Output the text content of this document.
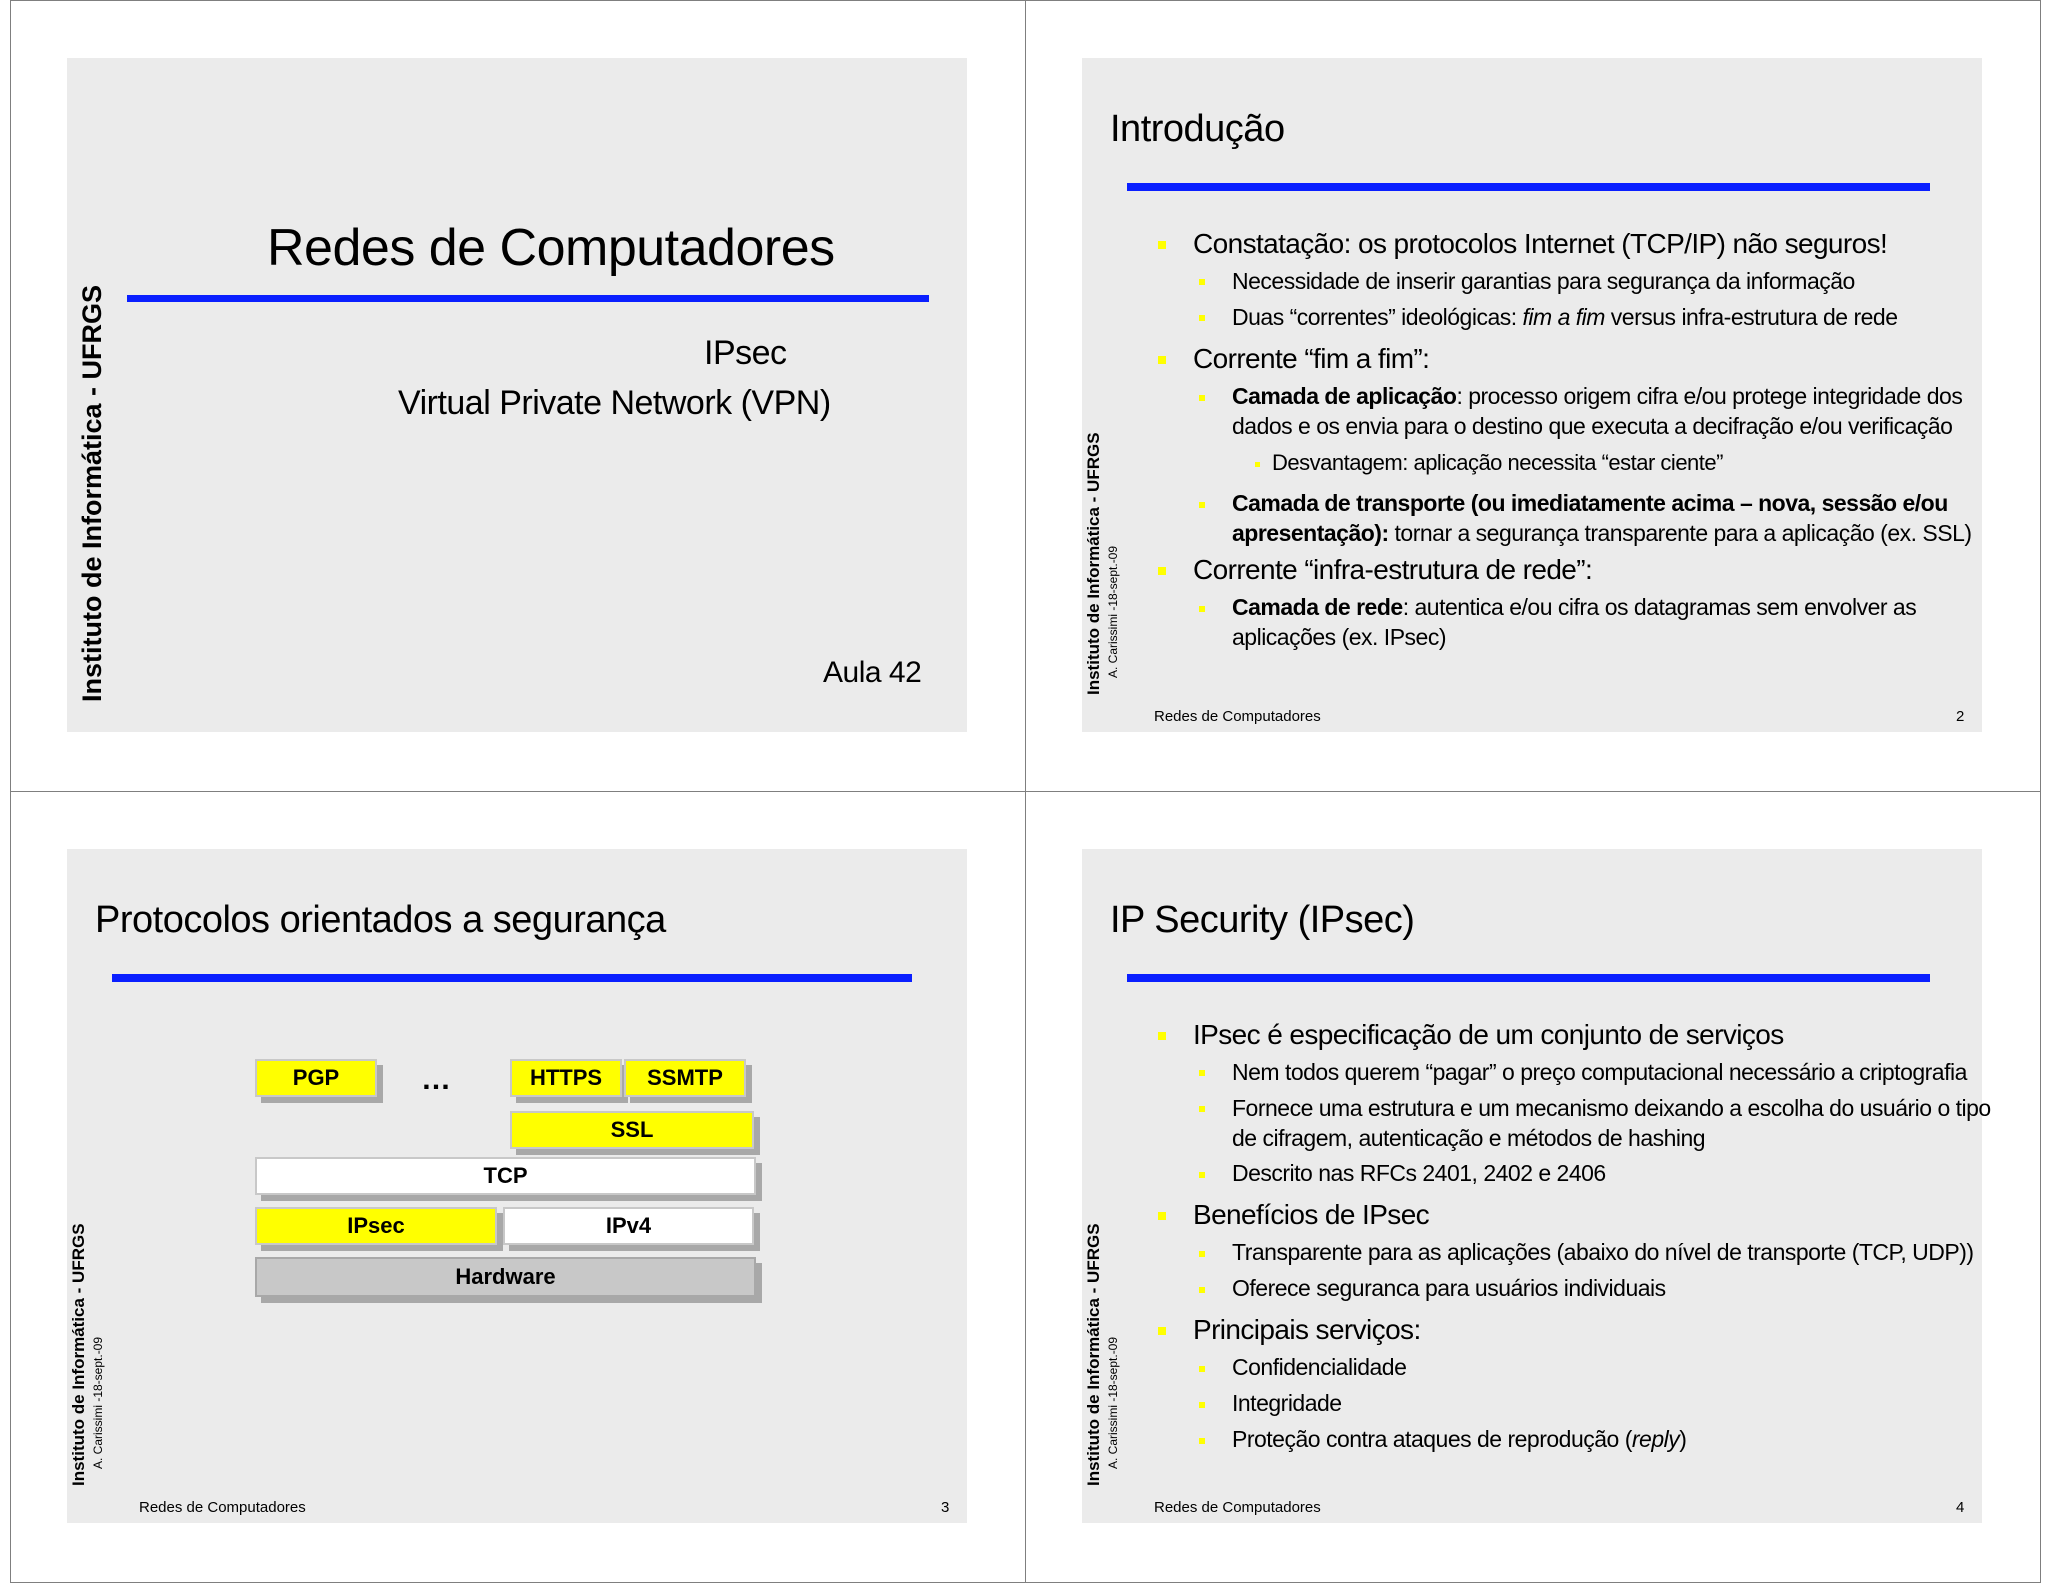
Instituto de Informática - UFRGS
Redes de Computadores
IPsec
Virtual Private Network (VPN)
Aula 42	Instituto de Informática - UFRGS A. Carissimi -18-sept.-09
Introdução
Constatação: os protocolos Internet (TCP/IP) não seguros!
Necessidade de inserir garantias para segurança da informação
Duas “correntes” ideológicas: fim a fim versus infra-estrutura de rede
Corrente “fim a fim”:
Camada de aplicação: processo origem cifra e/ou protege integridade dos
dados e os envia para o destino que executa a decifração e/ou verificação
Desvantagem: aplicação necessita “estar ciente”
Camada de transporte (ou imediatamente acima – nova, sessão e/ou
apresentação): tornar a segurança transparente para a aplicação (ex. SSL)
Corrente “infra-estrutura de rede”:
Camada de rede: autentica e/ou cifra os datagramas sem envolver as
aplicações (ex. IPsec)
Redes de Computadores	2
Instituto de Informática - UFRGS A. Carissimi -18-sept.-09
Protocolos orientados a segurança
PGP	…	HTTPS	SSMTP
SSL
TCP
IPsec	IPv4
Hardware
Redes de Computadores	3
Instituto de Informática - UFRGS A. Carissimi -18-sept.-09
IP Security (IPsec)
IPsec é especificação de um conjunto de serviços
Nem todos querem “pagar” o preço computacional necessário a criptografia
Fornece uma estrutura e um mecanismo deixando a escolha do usuário o tipo
de cifragem, autenticação e métodos de hashing
Descrito nas RFCs 2401, 2402 e 2406
Benefícios de IPsec
Transparente para as aplicações (abaixo do nível de transporte (TCP, UDP))
Oferece seguranca para usuários individuais
Principais serviços:
Confidencialidade
Integridade
Proteção contra ataques de reprodução (reply)
Redes de Computadores	4
